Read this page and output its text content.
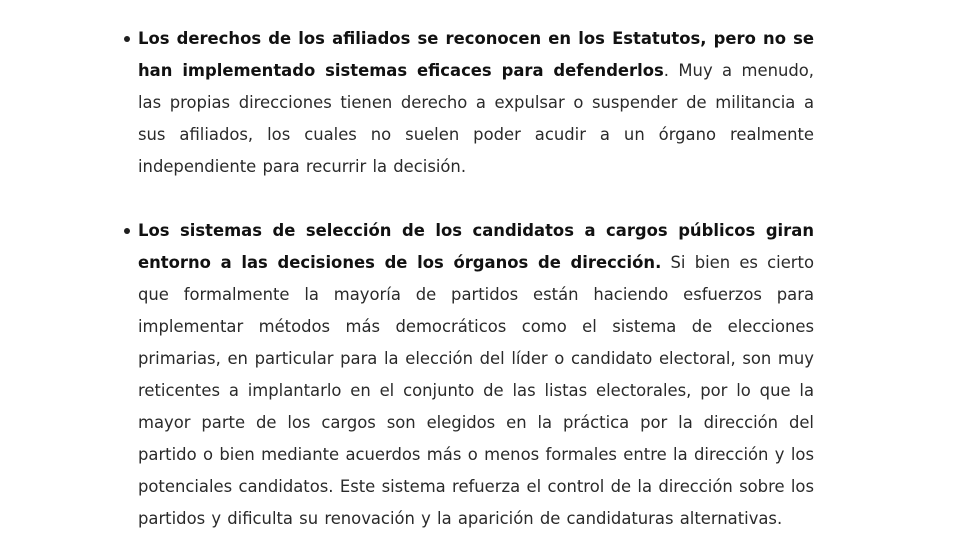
Los derechos de los afiliados se reconocen en los Estatutos, pero no se han implementado sistemas eficaces para defenderlos. Muy a menudo, las propias direcciones tienen derecho a expulsar o suspender de militancia a sus afiliados, los cuales no suelen poder acudir a un órgano realmente independiente para recurrir la decisión.
Los sistemas de selección de los candidatos a cargos públicos giran entorno a las decisiones de los órganos de dirección. Si bien es cierto que formalmente la mayoría de partidos están haciendo esfuerzos para implementar métodos más democráticos como el sistema de elecciones primarias, en particular para la elección del líder o candidato electoral, son muy reticentes a implantarlo en el conjunto de las listas electorales, por lo que la mayor parte de los cargos son elegidos en la práctica por la dirección del partido o bien mediante acuerdos más o menos formales entre la dirección y los potenciales candidatos. Este sistema refuerza el control de la dirección sobre los partidos y dificulta su renovación y la aparición de candidaturas alternativas.
